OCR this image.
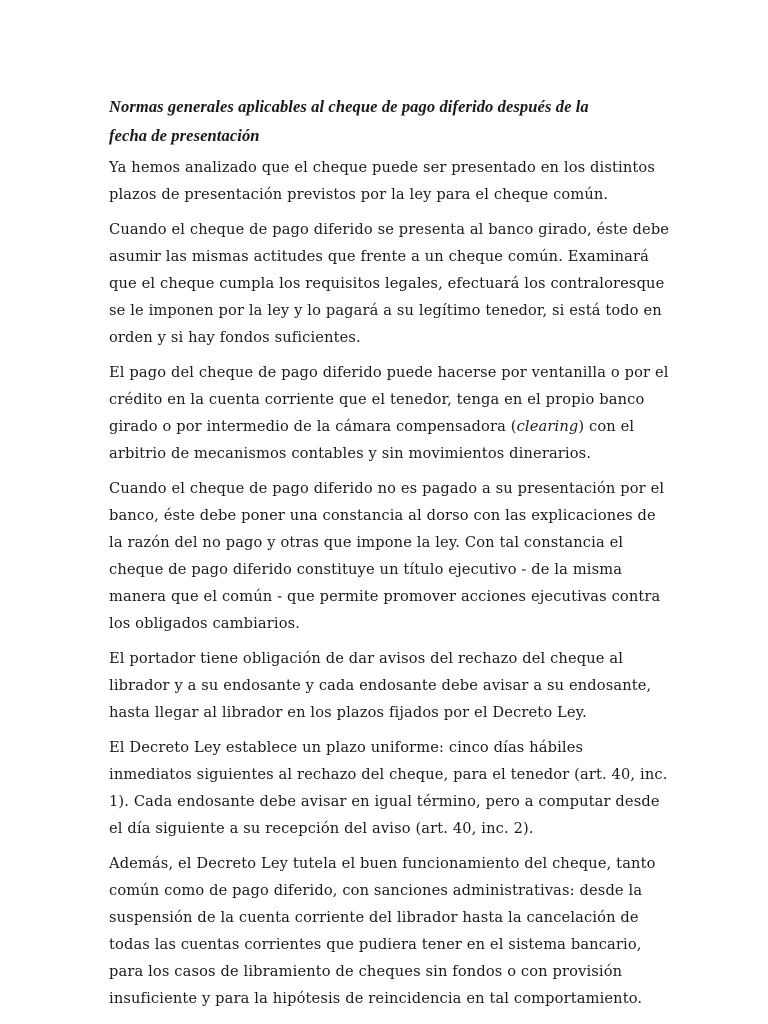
Normas generales aplicables al cheque de pago diferido después de la
fecha de presentación

Ya hemos analizado que el cheque puede ser presentado en los distintos
plazos de presentación previstos por la ley para el cheque común.

Cuando el cheque de pago diferido se presenta al banco girado, éste debe
asumir las mismas actitudes que frente a un cheque común. Examinará
que el cheque cumpla los requisitos legales, efectuará los contraloresque
se le imponen por la ley y lo pagará a su legítimo tenedor, si está todo en
orden y si hay fondos suficientes.

El pago del cheque de pago diferido puede hacerse por ventanilla o por el
crédito en la cuenta corriente que el tenedor, tenga en el propio banco
girado o por intermedio de la cámara compensadora (clearing) con el
arbitrio de mecanismos contables y sin movimientos dinerarios.

Cuando el cheque de pago diferido no es pagado a su presentación por el
banco, éste debe poner una constancia al dorso con las explicaciones de
la razón del no pago y otras que impone la ley. Con tal constancia el
cheque de pago diferido constituye un título ejecutivo - de la misma
manera que el común - que permite promover acciones ejecutivas contra
los obligados cambiarios.

El portador tiene obligación de dar avisos del rechazo del cheque al
librador y a su endosante y cada endosante debe avisar a su endosante,
hasta llegar al librador en los plazos fijados por el Decreto Ley.

El Decreto Ley establece un plazo uniforme: cinco días hábiles
inmediatos siguientes al rechazo del cheque, para el tenedor (art. 40, inc.
1). Cada endosante debe avisar en igual término, pero a computar desde
el día siguiente a su recepción del aviso (art. 40, inc. 2).

Además, el Decreto Ley tutela el buen funcionamiento del cheque, tanto
común como de pago diferido, con sanciones administrativas: desde la
suspensión de la cuenta corriente del librador hasta la cancelación de
todas las cuentas corrientes que pudiera tener en el sistema bancario,
para los casos de libramiento de cheques sin fondos o con provisión
insuficiente y para la hipótesis de reincidencia en tal comportamiento.
